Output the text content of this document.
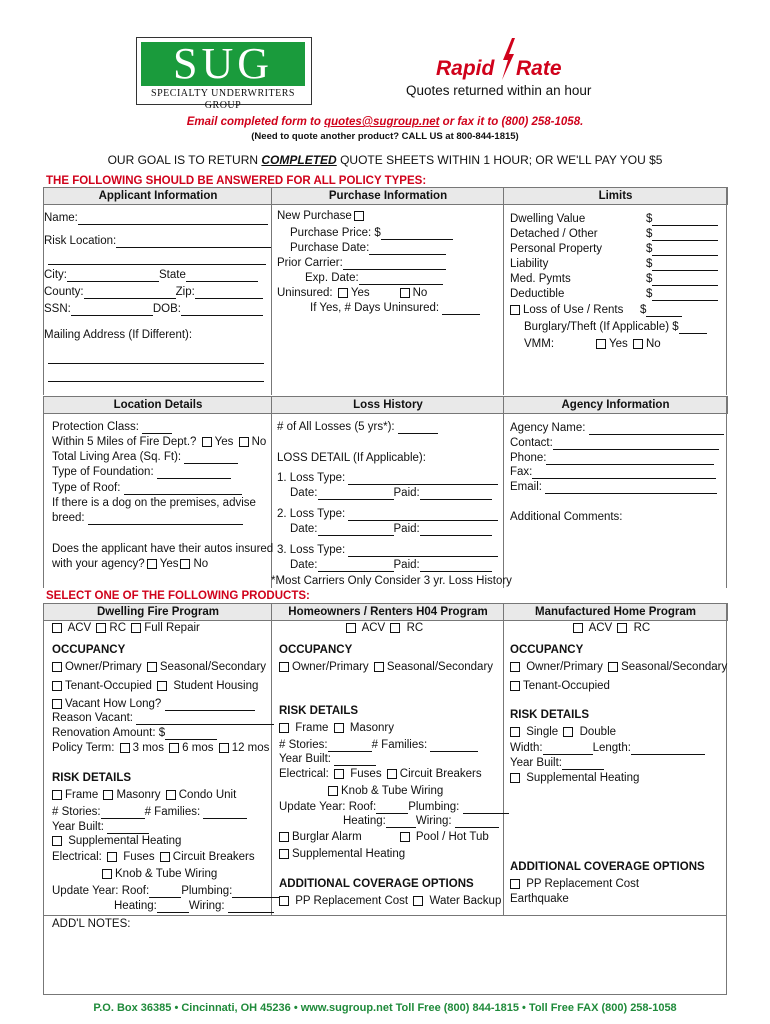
SUG
SPECIALTY UNDERWRITERS GROUP
Rapid Rate
Quotes returned within an hour
Email completed form to quotes@sugroup.net or fax it to (800) 258-1058.
(Need to quote another product? CALL US at 800-844-1815)
OUR GOAL IS TO RETURN COMPLETED QUOTE SHEETS WITHIN 1 HOUR; OR WE'LL PAY YOU $5
THE FOLLOWING SHOULD BE ANSWERED FOR ALL POLICY TYPES:
Applicant Information	Purchase Information	Limits
Name:
Risk Location:
City:	State
County:	Zip:
SSN:	DOB:
Mailing Address (If Different):
New Purchase
Purchase Price: $
Purchase Date:
Prior Carrier:
Exp. Date:
Uninsured: Yes	No
If Yes, # Days Uninsured:
Dwelling Value	$
Detached / Other	$
Personal Property	$
Liability	$
Med. Pymts	$
Deductible	$
Loss of Use / Rents $
Burglary/Theft (If Applicable) $
VMM:	Yes No
Location Details	Loss History	Agency Information
Protection Class:
Within 5 Miles of Fire Dept.? Yes No
Total Living Area (Sq. Ft):
Type of Foundation:
Type of Roof:
If there is a dog on the premises, advise
breed:
Does the applicant have their autos insured
with your agency? Yes No
# of All Losses (5 yrs*):
LOSS DETAIL (If Applicable):
1. Loss Type:
Date:	Paid:
2. Loss Type:
Date:	Paid:
3. Loss Type:
Date:	Paid:
*Most Carriers Only Consider 3 yr. Loss History
Agency Name:
Contact:
Phone:
Fax:
Email:
Additional Comments:
SELECT ONE OF THE FOLLOWING PRODUCTS:
Dwelling Fire Program	Homeowners / Renters H04 Program	Manufactured Home Program
ACV RC Full Repair
OCCUPANCY
Owner/Primary Seasonal/Secondary
Tenant-Occupied Student Housing
Vacant How Long?
Reason Vacant:
Renovation Amount: $
Policy Term: 3 mos 6 mos 12 mos
RISK DETAILS
Frame Masonry Condo Unit
# Stories:	# Families:
Year Built:
Supplemental Heating
Electrical: Fuses Circuit Breakers
Knob & Tube Wiring
Update Year: Roof:	Plumbing:
Heating:	Wiring:
ACV RC
OCCUPANCY
Owner/Primary Seasonal/Secondary
RISK DETAILS
Frame Masonry
# Stories:	# Families:
Year Built:
Electrical: Fuses Circuit Breakers
Knob & Tube Wiring
Update Year: Roof:	Plumbing:
Heating:	Wiring:
Burglar Alarm	Pool / Hot Tub
Supplemental Heating
ADDITIONAL COVERAGE OPTIONS
PP Replacement Cost Water Backup
ACV RC
OCCUPANCY
Owner/Primary Seasonal/Secondary
Tenant-Occupied
RISK DETAILS
Single Double
Width:	Length:
Year Built:
Supplemental Heating
ADDITIONAL COVERAGE OPTIONS
PP Replacement Cost
Earthquake
ADD'L NOTES:
P.O. Box 36385 • Cincinnati, OH 45236 • www.sugroup.net Toll Free (800) 844-1815 • Toll Free FAX (800) 258-1058
